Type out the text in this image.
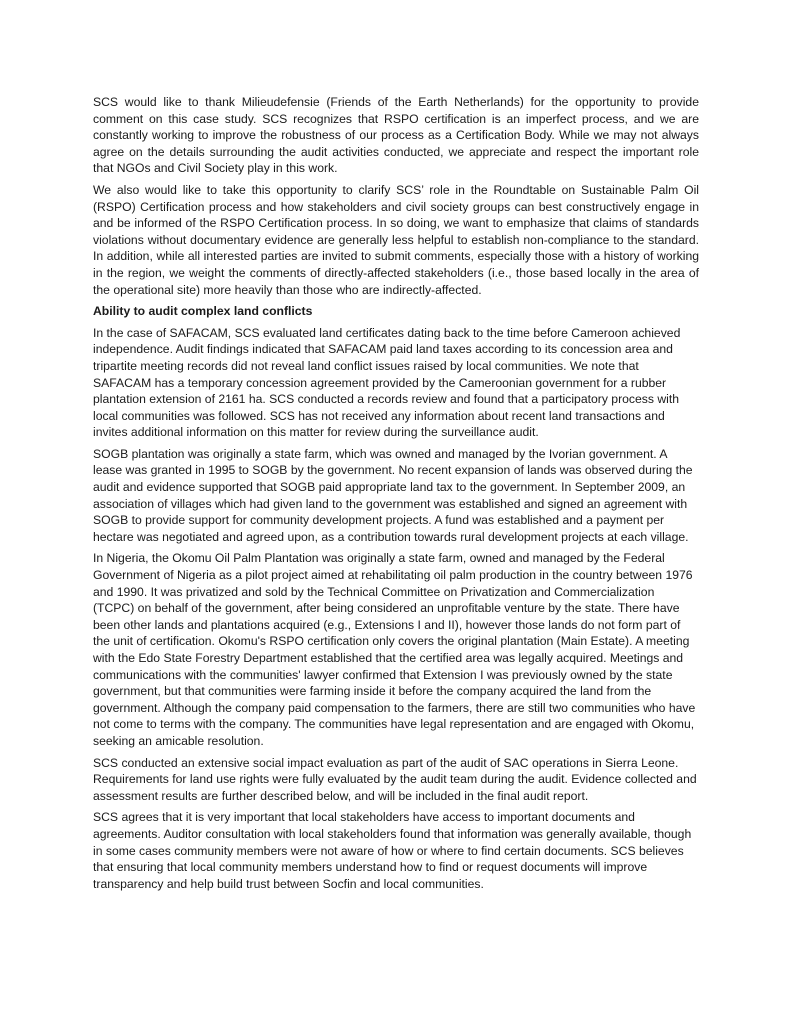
SCS would like to thank Milieudefensie (Friends of the Earth Netherlands) for the opportunity to provide comment on this case study. SCS recognizes that RSPO certification is an imperfect process, and we are constantly working to improve the robustness of our process as a Certification Body. While we may not always agree on the details surrounding the audit activities conducted, we appreciate and respect the important role that NGOs and Civil Society play in this work.

We also would like to take this opportunity to clarify SCS’ role in the Roundtable on Sustainable Palm Oil (RSPO) Certification process and how stakeholders and civil society groups can best constructively engage in and be informed of the RSPO Certification process. In so doing, we want to emphasize that claims of standards violations without documentary evidence are generally less helpful to establish non-compliance to the standard. In addition, while all interested parties are invited to submit comments, especially those with a history of working in the region, we weight the comments of directly-affected stakeholders (i.e., those based locally in the area of the operational site) more heavily than those who are indirectly-affected.

Ability to audit complex land conflicts

In the case of SAFACAM, SCS evaluated land certificates dating back to the time before Cameroon achieved independence. Audit findings indicated that SAFACAM paid land taxes according to its concession area and tripartite meeting records did not reveal land conflict issues raised by local communities. We note that SAFACAM has a temporary concession agreement provided by the Cameroonian government for a rubber plantation extension of 2161 ha. SCS conducted a records review and found that a participatory process with local communities was followed. SCS has not received any information about recent land transactions and invites additional information on this matter for review during the surveillance audit.

SOGB plantation was originally a state farm, which was owned and managed by the Ivorian government. A lease was granted in 1995 to SOGB by the government. No recent expansion of lands was observed during the audit and evidence supported that SOGB paid appropriate land tax to the government. In September 2009, an association of villages which had given land to the government was established and signed an agreement with SOGB to provide support for community development projects. A fund was established and a payment per hectare was negotiated and agreed upon, as a contribution towards rural development projects at each village.

In Nigeria, the Okomu Oil Palm Plantation was originally a state farm, owned and managed by the Federal Government of Nigeria as a pilot project aimed at rehabilitating oil palm production in the country between 1976 and 1990. It was privatized and sold by the Technical Committee on Privatization and Commercialization (TCPC) on behalf of the government, after being considered an unprofitable venture by the state. There have been other lands and plantations acquired (e.g., Extensions I and II), however those lands do not form part of the unit of certification. Okomu's RSPO certification only covers the original plantation (Main Estate). A meeting with the Edo State Forestry Department established that the certified area was legally acquired. Meetings and communications with the communities' lawyer confirmed that Extension I was previously owned by the state government, but that communities were farming inside it before the company acquired the land from the government. Although the company paid compensation to the farmers, there are still two communities who have not come to terms with the company. The communities have legal representation and are engaged with Okomu, seeking an amicable resolution.

SCS conducted an extensive social impact evaluation as part of the audit of SAC operations in Sierra Leone. Requirements for land use rights were fully evaluated by the audit team during the audit. Evidence collected and assessment results are further described below, and will be included in the final audit report.

SCS agrees that it is very important that local stakeholders have access to important documents and agreements. Auditor consultation with local stakeholders found that information was generally available, though in some cases community members were not aware of how or where to find certain documents. SCS believes that ensuring that local community members understand how to find or request documents will improve transparency and help build trust between Socfin and local communities.
